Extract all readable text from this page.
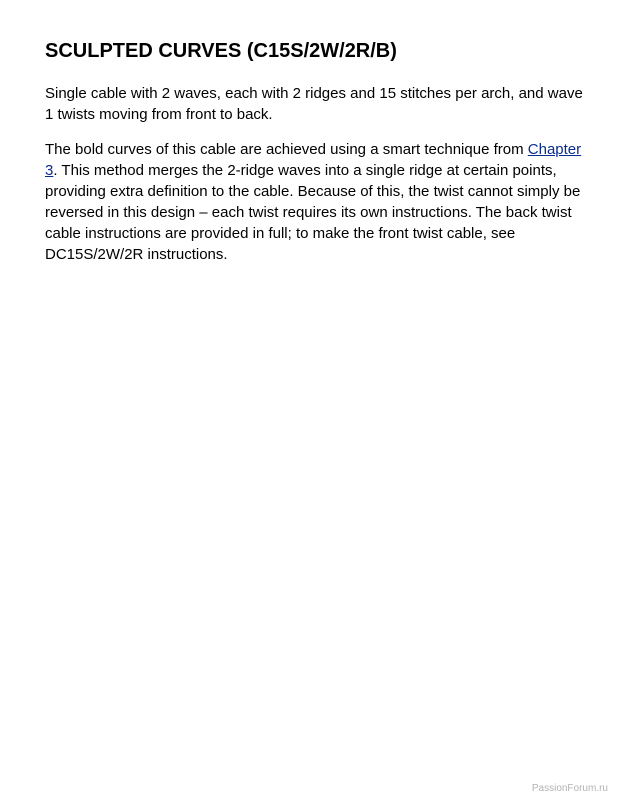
SCULPTED CURVES (C15S/2W/2R/B)

Single cable with 2 waves, each with 2 ridges and 15 stitches per arch, and wave 1 twists moving from front to back.

The bold curves of this cable are achieved using a smart technique from Chapter 3. This method merges the 2-ridge waves into a single ridge at certain points, providing extra definition to the cable. Because of this, the twist cannot simply be reversed in this design – each twist requires its own instructions. The back twist cable instructions are provided in full; to make the front twist cable, see DC15S/2W/2R instructions.

PassionForum.ru
